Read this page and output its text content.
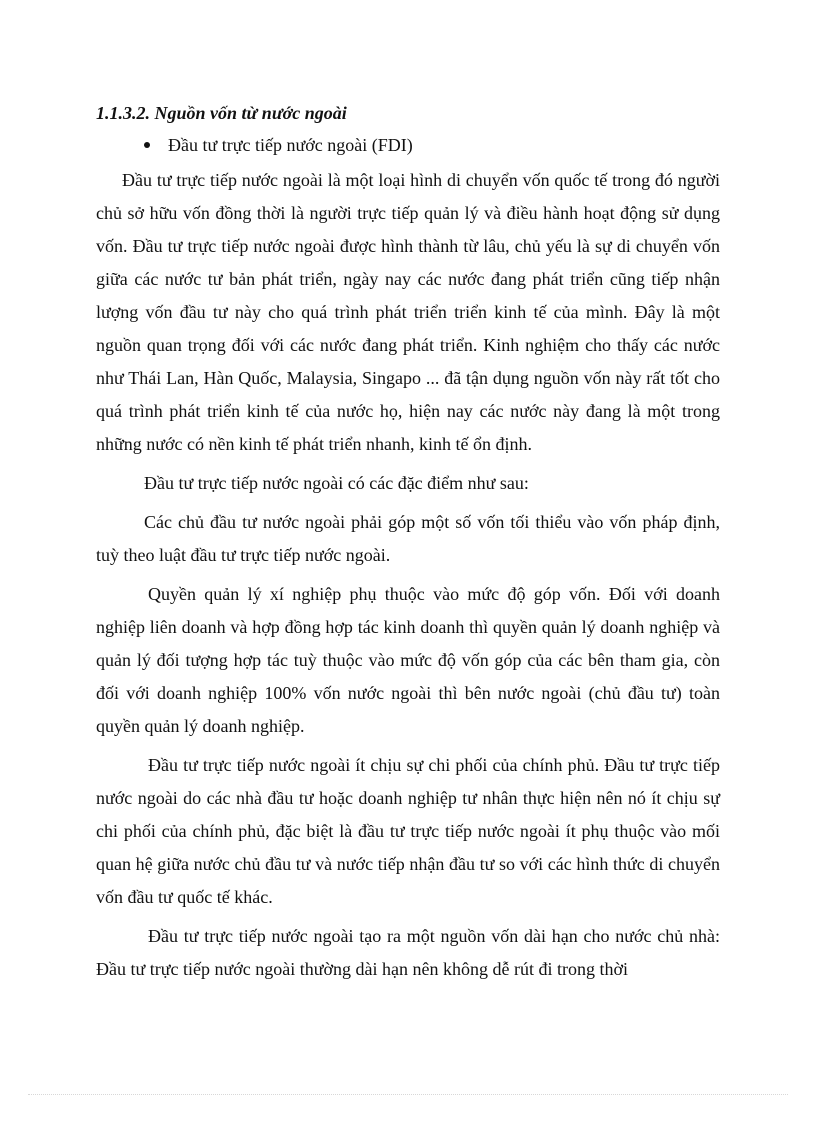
1.1.3.2. Nguồn vốn từ nước ngoài
Đầu tư trực tiếp nước ngoài (FDI)

Đầu tư trực tiếp nước ngoài là một loại hình di chuyển vốn quốc tế trong đó người chủ sở hữu vốn đồng thời là người trực tiếp quản lý và điều hành hoạt động sử dụng vốn. Đầu tư trực tiếp nước ngoài được hình thành từ lâu, chủ yếu là sự di chuyển vốn giữa các nước tư bản phát triển, ngày nay các nước đang phát triển cũng tiếp nhận lượng vốn đầu tư này cho quá trình phát triển triển kinh tế của mình. Đây là một nguồn quan trọng đối với các nước đang phát triển. Kinh nghiệm cho thấy các nước như Thái Lan, Hàn Quốc, Malaysia, Singapo ... đã tận dụng nguồn vốn này rất tốt cho quá trình phát triển kinh tế của nước họ, hiện nay các nước này đang là một trong những nước có nền kinh tế phát triển nhanh, kinh tế ổn định.

Đầu tư trực tiếp nước ngoài có các đặc điểm như sau:

Các chủ đầu tư nước ngoài phải góp một số vốn tối thiểu vào vốn pháp định, tuỳ theo luật đầu tư trực tiếp nước ngoài.

Quyền quản lý xí nghiệp phụ thuộc vào mức độ góp vốn. Đối với doanh nghiệp liên doanh và hợp đồng hợp tác kinh doanh thì quyền quản lý doanh nghiệp và quản lý đối tượng hợp tác tuỳ thuộc vào mức độ vốn góp của các bên tham gia, còn đối với doanh nghiệp 100% vốn nước ngoài thì bên nước ngoài (chủ đầu tư) toàn quyền quản lý doanh nghiệp.

Đầu tư trực tiếp nước ngoài ít chịu sự chi phối của chính phủ. Đầu tư trực tiếp nước ngoài do các nhà đầu tư hoặc doanh nghiệp tư nhân thực hiện nên nó ít chịu sự chi phối của chính phủ, đặc biệt là đầu tư trực tiếp nước ngoài ít phụ thuộc vào mối quan hệ giữa nước chủ đầu tư và nước tiếp nhận đầu tư so với các hình thức di chuyển vốn đầu tư quốc tế khác.

Đầu tư trực tiếp nước ngoài tạo ra một nguồn vốn dài hạn cho nước chủ nhà: Đầu tư trực tiếp nước ngoài thường dài hạn nên không dễ rút đi trong thời
